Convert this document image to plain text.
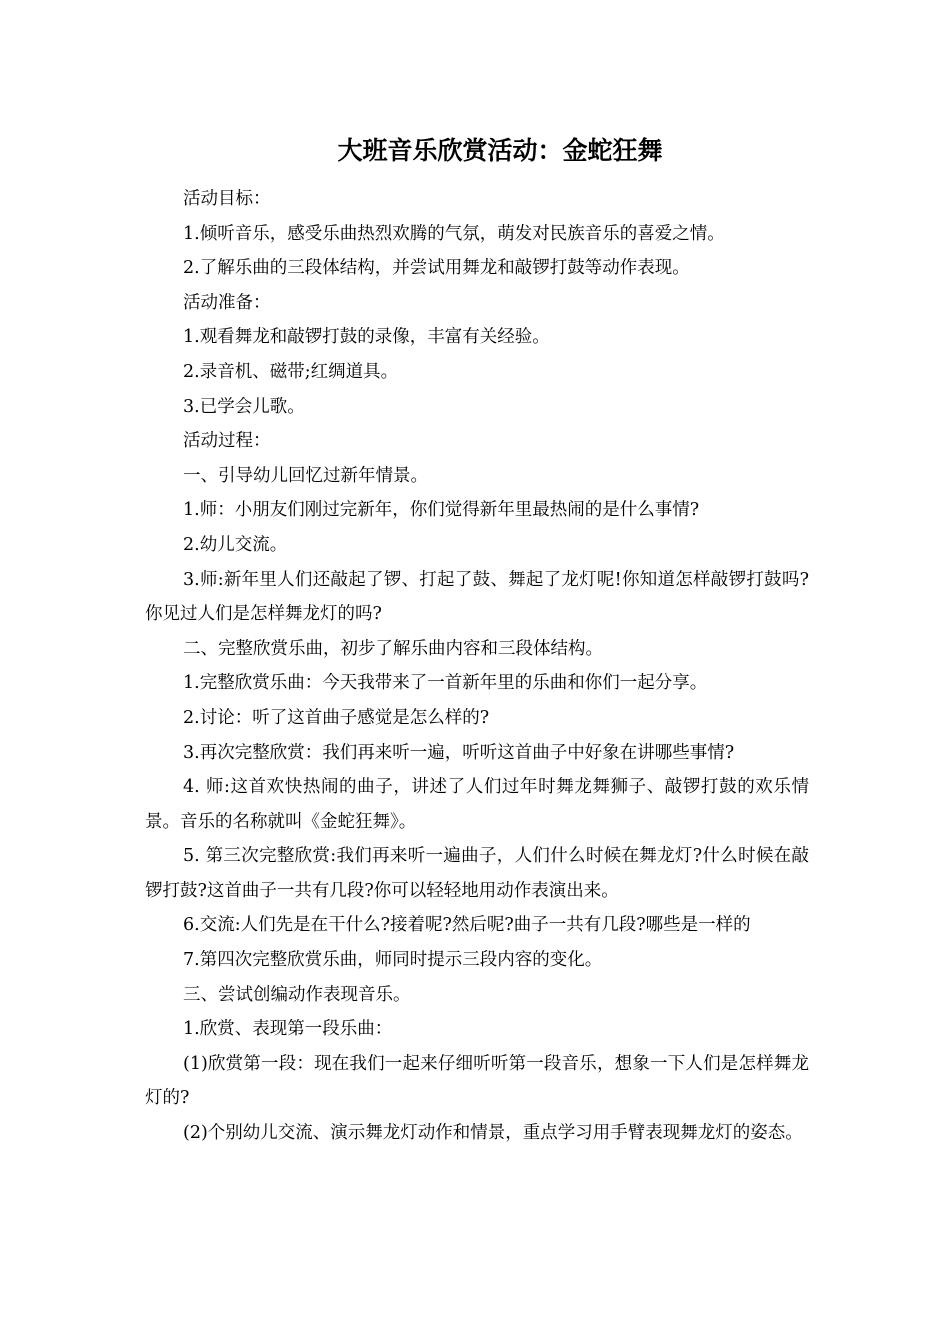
大班音乐欣赏活动：金蛇狂舞

活动目标：

1.倾听音乐，感受乐曲热烈欢腾的气氛，萌发对民族音乐的喜爱之情。

2.了解乐曲的三段体结构，并尝试用舞龙和敲锣打鼓等动作表现。

活动准备：

1.观看舞龙和敲锣打鼓的录像，丰富有关经验。

2.录音机、磁带;红绸道具。

3.已学会儿歌。

活动过程：

一、引导幼儿回忆过新年情景。

1.师：小朋友们刚过完新年，你们觉得新年里最热闹的是什么事情?

2.幼儿交流。

3.师:新年里人们还敲起了锣、打起了鼓、舞起了龙灯呢!你知道怎样敲锣打鼓吗?你见过人们是怎样舞龙灯的吗?

二、完整欣赏乐曲，初步了解乐曲内容和三段体结构。

1.完整欣赏乐曲：今天我带来了一首新年里的乐曲和你们一起分享。

2.讨论：听了这首曲子感觉是怎么样的?

3.再次完整欣赏：我们再来听一遍，听听这首曲子中好象在讲哪些事情?

4. 师:这首欢快热闹的曲子，讲述了人们过年时舞龙舞狮子、敲锣打鼓的欢乐情景。音乐的名称就叫《金蛇狂舞》。

5. 第三次完整欣赏:我们再来听一遍曲子，人们什么时候在舞龙灯?什么时候在敲锣打鼓?这首曲子一共有几段?你可以轻轻地用动作表演出来。

6.交流:人们先是在干什么?接着呢?然后呢?曲子一共有几段?哪些是一样的

7.第四次完整欣赏乐曲，师同时提示三段内容的变化。

三、尝试创编动作表现音乐。

1.欣赏、表现第一段乐曲：

(1)欣赏第一段：现在我们一起来仔细听听第一段音乐，想象一下人们是怎样舞龙灯的?

(2)个别幼儿交流、演示舞龙灯动作和情景，重点学习用手臂表现舞龙灯的姿态。
